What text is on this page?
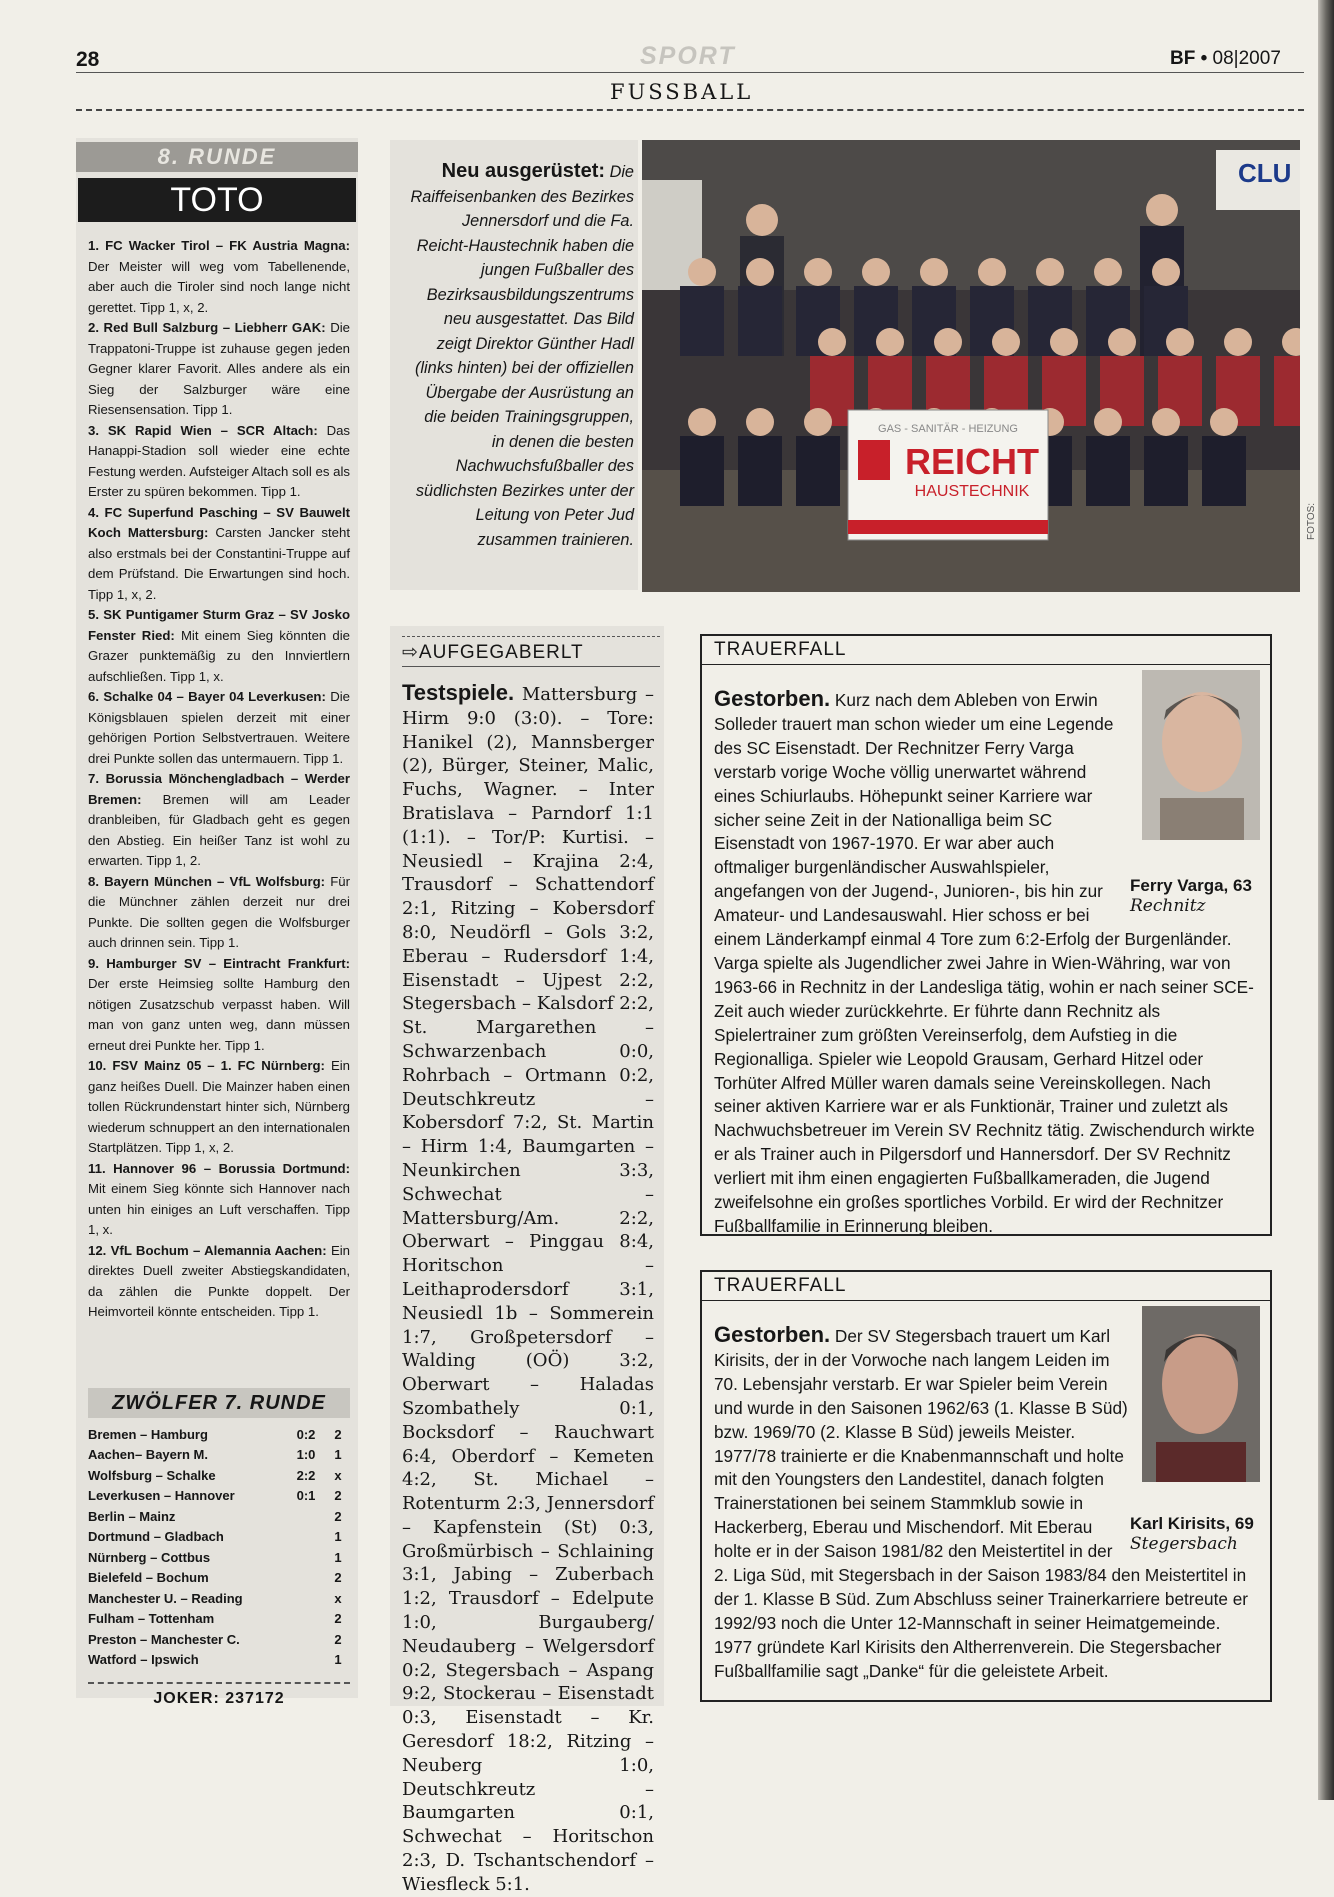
28	SPORT	BF • 08|2007
FUSSBALL
8. RUNDE
TOTO

1. FC Wacker Tirol – FK Austria Magna: Der Meister will weg vom Tabellenende, aber auch die Tiroler sind noch lange nicht gerettet. Tipp 1, x, 2.

2. Red Bull Salzburg – Liebherr GAK: Die Trappatoni-Truppe ist zuhause gegen jeden Gegner klarer Favorit. Alles andere als ein Sieg der Salzburger wäre eine Riesensensation. Tipp 1.

3. SK Rapid Wien – SCR Altach: Das Hanappi-Stadion soll wieder eine echte Festung werden. Aufsteiger Altach soll es als Erster zu spüren bekommen. Tipp 1.

4. FC Superfund Pasching – SV Bauwelt Koch Mattersburg: Carsten Jancker steht also erstmals bei der Constantini-Truppe auf dem Prüfstand. Die Erwartungen sind hoch. Tipp 1, x, 2.

5. SK Puntigamer Sturm Graz – SV Josko Fenster Ried: Mit einem Sieg könnten die Grazer punktemäßig zu den Innviertlern aufschließen. Tipp 1, x.

6. Schalke 04 – Bayer 04 Leverkusen: Die Königsblauen spielen derzeit mit einer gehörigen Portion Selbstvertrauen. Weitere drei Punkte sollen das untermauern. Tipp 1.

7. Borussia Mönchengladbach – Werder Bremen: Bremen will am Leader dranbleiben, für Gladbach geht es gegen den Abstieg. Ein heißer Tanz ist wohl zu erwarten. Tipp 1, 2.

8. Bayern München – VfL Wolfsburg: Für die Münchner zählen derzeit nur drei Punkte. Die sollten gegen die Wolfsburger auch drinnen sein. Tipp 1.

9. Hamburger SV – Eintracht Frankfurt: Der erste Heimsieg sollte Hamburg den nötigen Zusatzschub verpasst haben. Will man von ganz unten weg, dann müssen erneut drei Punkte her. Tipp 1.

10. FSV Mainz 05 – 1. FC Nürnberg: Ein ganz heißes Duell. Die Mainzer haben einen tollen Rückrundenstart hinter sich, Nürnberg wiederum schnuppert an den internationalen Startplätzen. Tipp 1, x, 2.

11. Hannover 96 – Borussia Dortmund: Mit einem Sieg könnte sich Hannover nach unten hin einiges an Luft verschaffen. Tipp 1, x.

12. VfL Bochum – Alemannia Aachen: Ein direktes Duell zweiter Abstiegskandidaten, da zählen die Punkte doppelt. Der Heimvorteil könnte entscheiden. Tipp 1.

ZWÖLFER 7. RUNDE
Bremen – Hamburg	0:2	2
Aachen– Bayern M.	1:0	1
Wolfsburg – Schalke	2:2	x
Leverkusen – Hannover	0:1	2
Berlin – Mainz		2
Dortmund – Gladbach		1
Nürnberg – Cottbus		1
Bielefeld – Bochum		2
Manchester U. – Reading		x
Fulham – Tottenham		2
Preston – Manchester C.		2
Watford – Ipswich		1
JOKER: 237172
Neu ausgerüstet: Die Raiffeisenbanken des Bezirkes Jennersdorf und die Fa. Reicht-Haustechnik haben die jungen Fußballer des Bezirksausbildungszentrums neu ausgestattet. Das Bild zeigt Direktor Günther Hadl (links hinten) bei der offiziellen Übergabe der Ausrüstung an die beiden Trainingsgruppen, in denen die besten Nachwuchsfußballer des südlichsten Bezirkes unter der Leitung von Peter Jud zusammen trainieren.
CLU
GAS - SANITÄR - HEIZUNG
REICHT
HAUSTECHNIK
FOTOS:
⇨AUFGEGABERLT
Testspiele. Mattersburg – Hirm 9:0 (3:0). – Tore: Hanikel (2), Mannsberger (2), Bürger, Steiner, Malic, Fuchs, Wagner. – Inter Bratislava – Parndorf 1:1 (1:1). – Tor/P: Kurtisi. – Neusiedl – Krajina 2:4, Trausdorf – Schattendorf 2:1, Ritzing – Kobersdorf 8:0, Neudörfl – Gols 3:2, Eberau – Rudersdorf 1:4, Eisenstadt – Ujpest 2:2, Stegersbach – Kalsdorf 2:2, St. Margarethen – Schwarzenbach 0:0, Rohrbach – Ortmann 0:2, Deutschkreutz – Kobersdorf 7:2, St. Martin – Hirm 1:4, Baumgarten – Neunkirchen 3:3, Schwechat – Mattersburg/Am. 2:2, Oberwart – Pinggau 8:4, Horitschon – Leithaprodersdorf 3:1, Neusiedl 1b – Sommerein 1:7, Großpetersdorf – Walding (OÖ) 3:2, Oberwart – Haladas Szombathely 0:1, Bocksdorf – Rauchwart 6:4, Oberdorf – Kemeten 4:2, St. Michael – Rotenturm 2:3, Jennersdorf – Kapfenstein (St) 0:3, Großmürbisch – Schlaining 3:1, Jabing – Zuberbach 1:2, Trausdorf – Edelpute 1:0, Burgauberg/ Neudauberg – Welgersdorf 0:2, Stegersbach – Aspang 9:2, Stockerau – Eisenstadt 0:3, Eisenstadt – Kr. Geresdorf 18:2, Ritzing – Neuberg 1:0, Deutschkreutz – Baumgarten 0:1, Schwechat – Horitschon 2:3, D. Tschantschendorf – Wiesfleck 5:1.
TRAUERFALL
Ferry Varga, 63
Rechnitz
Gestorben. Kurz nach dem Ableben von Erwin Solleder trauert man schon wieder um eine Legende des SC Eisenstadt. Der Rechnitzer Ferry Varga verstarb vorige Woche völlig unerwartet während eines Schiurlaubs. Höhepunkt seiner Karriere war sicher seine Zeit in der Nationalliga beim SC Eisenstadt von 1967-1970. Er war aber auch oftmaliger burgenländischer Auswahlspieler, angefangen von der Jugend-, Junioren-, bis hin zur Amateur- und Landesauswahl. Hier schoss er bei einem Länderkampf einmal 4 Tore zum 6:2-Erfolg der Burgenländer. Varga spielte als Jugendlicher zwei Jahre in Wien-Währing, war von 1963-66 in Rechnitz in der Landesliga tätig, wohin er nach seiner SCE-Zeit auch wieder zurückkehrte. Er führte dann Rechnitz als Spielertrainer zum größten Vereinserfolg, dem Aufstieg in die Regionalliga. Spieler wie Leopold Grausam, Gerhard Hitzel oder Torhüter Alfred Müller waren damals seine Vereinskollegen. Nach seiner aktiven Karriere war er als Funktionär, Trainer und zuletzt als Nachwuchsbetreuer im Verein SV Rechnitz tätig. Zwischendurch wirkte er als Trainer auch in Pilgersdorf und Hannersdorf. Der SV Rechnitz verliert mit ihm einen engagierten Fußballkameraden, die Jugend zweifelsohne ein großes sportliches Vorbild. Er wird der Rechnitzer Fußballfamilie in Erinnerung bleiben.
TRAUERFALL
Karl Kirisits, 69
Stegersbach
Gestorben. Der SV Stegersbach trauert um Karl Kirisits, der in der Vorwoche nach langem Leiden im 70. Lebensjahr verstarb. Er war Spieler beim Verein und wurde in den Saisonen 1962/63 (1. Klasse B Süd) bzw. 1969/70 (2. Klasse B Süd) jeweils Meister. 1977/78 trainierte er die Knabenmannschaft und holte mit den Youngsters den Landestitel, danach folgten Trainerstationen bei seinem Stammklub sowie in Hackerberg, Eberau und Mischendorf. Mit Eberau holte er in der Saison 1981/82 den Meistertitel in der 2. Liga Süd, mit Stegersbach in der Saison 1983/84 den Meistertitel in der 1. Klasse B Süd. Zum Abschluss seiner Trainerkarriere betreute er 1992/93 noch die Unter 12-Mannschaft in seiner Heimatgemeinde. 1977 gründete Karl Kirisits den Altherrenverein. Die Stegersbacher Fußballfamilie sagt „Danke“ für die geleistete Arbeit.
